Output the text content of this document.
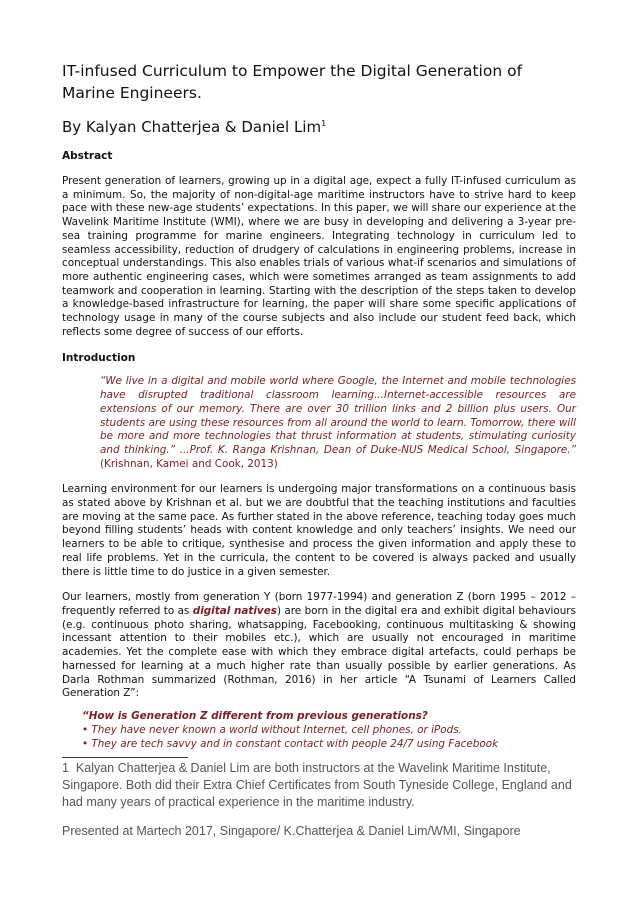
IT-infused Curriculum to Empower the Digital Generation of Marine Engineers.
By Kalyan Chatterjea & Daniel Lim$^1$
Abstract

Present generation of learners, growing up in a digital age, expect a fully IT-infused curriculum as a minimum. So, the majority of non-digital-age maritime instructors have to strive hard to keep pace with these new-age students’ expectations. In this paper, we will share our experience at the Wavelink Maritime Institute (WMI), where we are busy in developing and delivering a 3-year pre-sea training programme for marine engineers. Integrating technology in curriculum led to seamless accessibility, reduction of drudgery of calculations in engineering problems, increase in conceptual understandings. This also enables trials of various what-if scenarios and simulations of more authentic engineering cases, which were sometimes arranged as team assignments to add teamwork and cooperation in learning. Starting with the description of the steps taken to develop a knowledge-based infrastructure for learning, the paper will share some specific applications of technology usage in many of the course subjects and also include our student feed back, which reflects some degree of success of our efforts.

Introduction

“We live in a digital and mobile world where Google, the Internet and mobile technologies have disrupted traditional classroom learning...Internet-accessible resources are extensions of our memory. There are over 30 trillion links and 2 billion plus users. Our students are using these resources from all around the world to learn. Tomorrow, there will be more and more technologies that thrust information at students, stimulating curiosity and thinking.” ...Prof. K. Ranga Krishnan, Dean of Duke-NUS Medical School, Singapore.” (Krishnan, Kamei and Cook, 2013)

Learning environment for our learners is undergoing major transformations on a continuous basis as stated above by Krishnan et al. but we are doubtful that the teaching institutions and faculties are moving at the same pace. As further stated in the above reference, teaching today goes much beyond filling students’ heads with content knowledge and only teachers’ insights. We need our learners to be able to critique, synthesise and process the given information and apply these to real life problems. Yet in the curricula, the content to be covered is always packed and usually there is little time to do justice in a given semester.

Our learners, mostly from generation Y (born 1977-1994) and generation Z (born 1995 – 2012 – frequently referred to as digital natives) are born in the digital era and exhibit digital behaviours (e.g. continuous photo sharing, whatsapping, Facebooking, continuous multitasking & showing incessant attention to their mobiles etc.), which are usually not encouraged in maritime academies. Yet the complete ease with which they embrace digital artefacts, could perhaps be harnessed for learning at a much higher rate than usually possible by earlier generations. As Darla Rothman summarized (Rothman, 2016) in her article “A Tsunami of Learners Called Generation Z”:

“How is Generation Z different from previous generations?
• They have never known a world without Internet, cell phones, or iPods.
• They are tech savvy and in constant contact with people 24/7 using Facebook

1 Kalyan Chatterjea & Daniel Lim are both instructors at the Wavelink Maritime Institute, Singapore. Both did their Extra Chief Certificates from South Tyneside College, England and had many years of practical experience in the maritime industry.

Presented at Martech 2017, Singapore/ K.Chatterjea & Daniel Lim/WMI, Singapore
